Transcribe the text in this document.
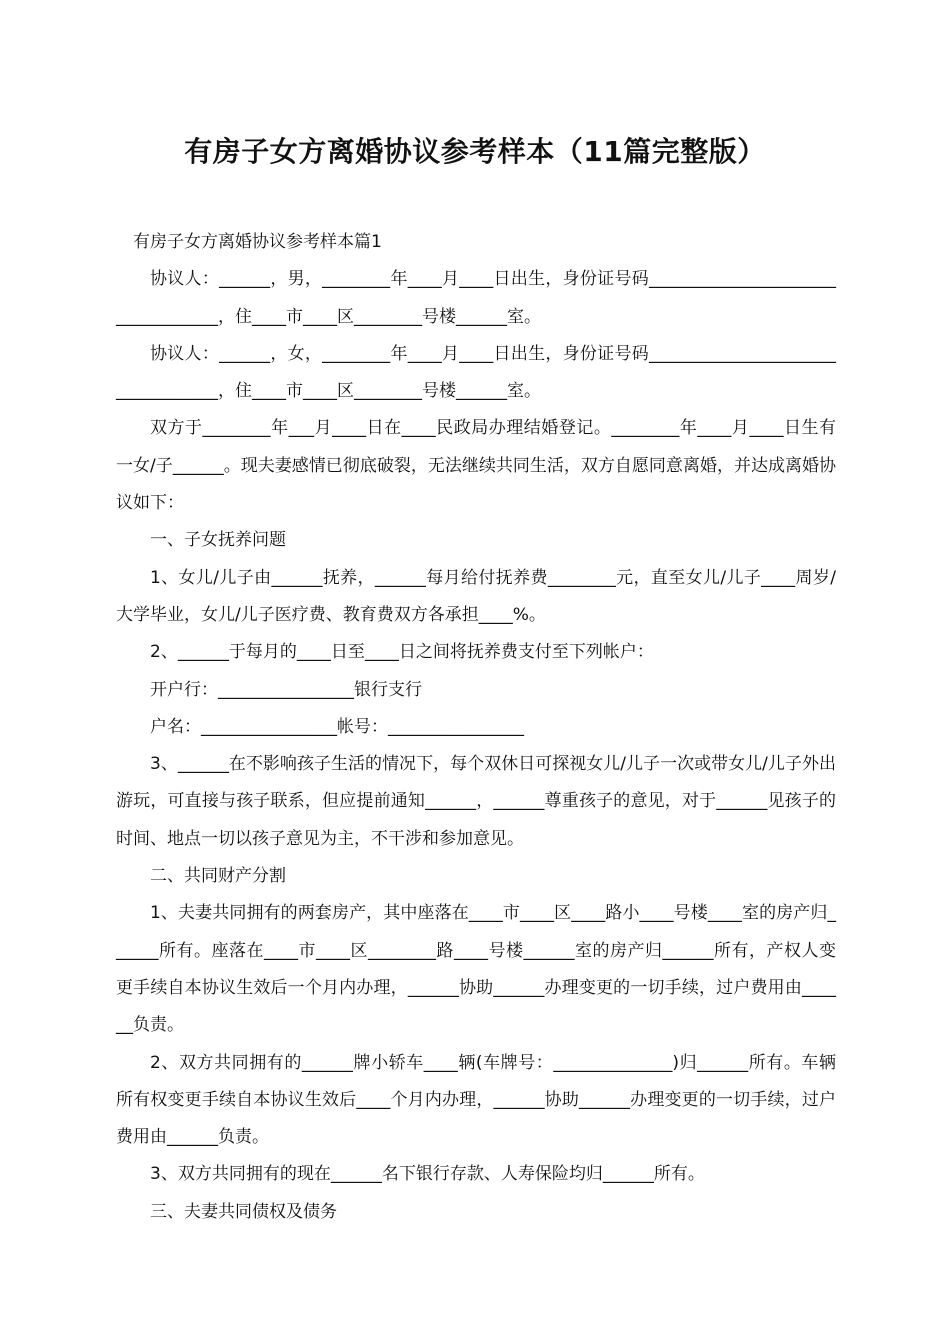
有房子女方离婚协议参考样本（11篇完整版）

有房子女方离婚协议参考样本篇1

协议人：______，男，________年____月____日出生，身份证号码__________________________________，住____市____区________号楼______室。

协议人：______，女，________年____月____日出生，身份证号码__________________________________，住____市____区________号楼______室。

双方于________年___月____日在____民政局办理结婚登记。________年____月____日生有一女/子______。现夫妻感情已彻底破裂，无法继续共同生活，双方自愿同意离婚，并达成离婚协议如下：

一、子女抚养问题

1、女儿/儿子由______抚养，______每月给付抚养费________元，直至女儿/儿子____周岁/大学毕业，女儿/儿子医疗费、教育费双方各承担____%。

2、______于每月的____日至____日之间将抚养费支付至下列帐户：

开户行：________________银行支行

户名：________________帐号：________________

3、______在不影响孩子生活的情况下，每个双休日可探视女儿/儿子一次或带女儿/儿子外出游玩，可直接与孩子联系，但应提前通知______，______尊重孩子的意见，对于______见孩子的时间、地点一切以孩子意见为主，不干涉和参加意见。

二、共同财产分割

1、夫妻共同拥有的两套房产，其中座落在____市____区____路小____号楼____室的房产归______所有。座落在____市____区________路____号楼______室的房产归______所有，产权人变更手续自本协议生效后一个月内办理，______协助______办理变更的一切手续，过户费用由______负责。

2、双方共同拥有的______牌小轿车____辆(车牌号：______________)归______所有。车辆所有权变更手续自本协议生效后____个月内办理，______协助______办理变更的一切手续，过户费用由______负责。

3、双方共同拥有的现在______名下银行存款、人寿保险均归______所有。

三、夫妻共同债权及债务
